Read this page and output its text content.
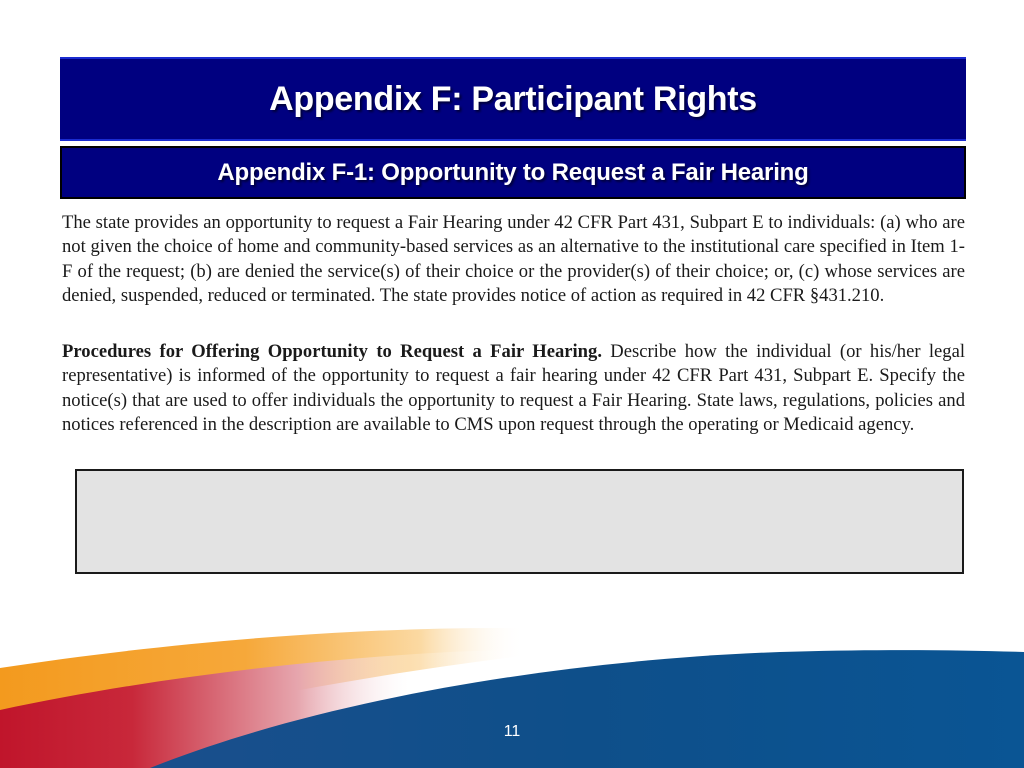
Appendix F: Participant Rights
Appendix F-1: Opportunity to Request a Fair Hearing

The state provides an opportunity to request a Fair Hearing under 42 CFR Part 431, Subpart E to individuals: (a) who are not given the choice of home and community-based services as an alternative to the institutional care specified in Item 1-F of the request; (b) are denied the service(s) of their choice or the provider(s) of their choice; or, (c) whose services are denied, suspended, reduced or terminated. The state provides notice of action as required in 42 CFR §431.210.

Procedures for Offering Opportunity to Request a Fair Hearing. Describe how the individual (or his/her legal representative) is informed of the opportunity to request a fair hearing under 42 CFR Part 431, Subpart E. Specify the notice(s) that are used to offer individuals the opportunity to request a Fair Hearing. State laws, regulations, policies and notices referenced in the description are available to CMS upon request through the operating or Medicaid agency.

11
